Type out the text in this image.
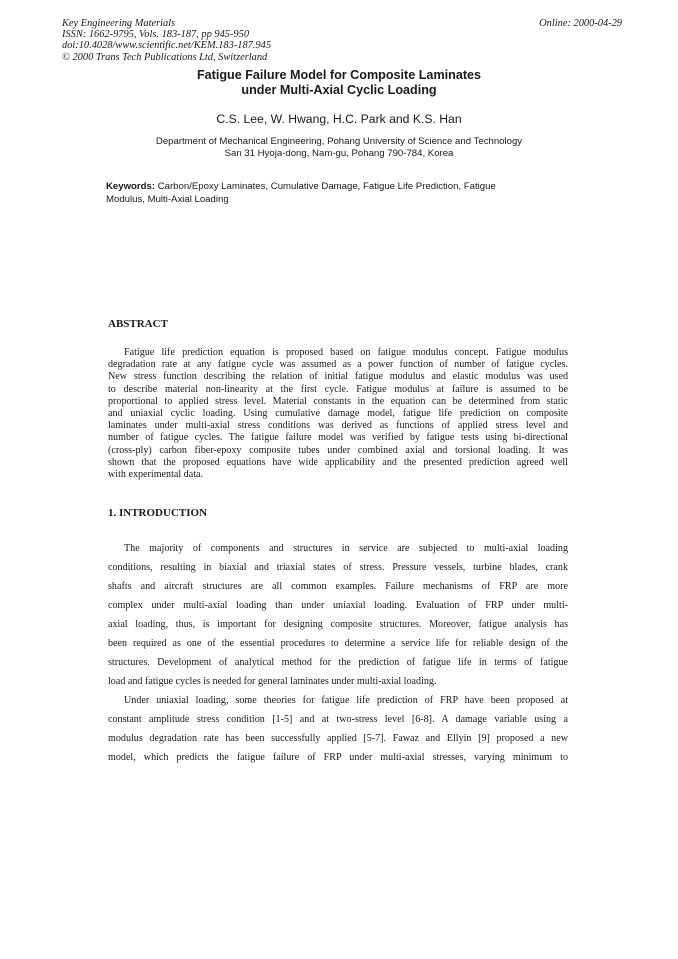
Key Engineering Materials
ISSN: 1662-9795, Vols. 183-187, pp 945-950
doi:10.4028/www.scientific.net/KEM.183-187.945
© 2000 Trans Tech Publications Ltd, Switzerland
Online: 2000-04-29
Fatigue Failure Model for Composite Laminates
under Multi-Axial Cyclic Loading
C.S. Lee, W. Hwang, H.C. Park and K.S. Han
Department of Mechanical Engineering, Pohang University of Science and Technology
San 31 Hyoja-dong, Nam-gu, Pohang 790-784, Korea
Keywords: Carbon/Epoxy Laminates, Cumulative Damage, Fatigue Life Prediction, Fatigue
Modulus, Multi-Axial Loading
ABSTRACT
Fatigue life prediction equation is proposed based on fatigue modulus concept. Fatigue modulus
degradation rate at any fatigue cycle was assumed as a power function of number of fatigue cycles.
New stress function describing the relation of initial fatigue modulus and elastic modulus was used
to describe material non-linearity at the first cycle. Fatigue modulus at failure is assumed to be
proportional to applied stress level. Material constants in the equation can be determined from static
and uniaxial cyclic loading. Using cumulative damage model, fatigue life prediction on composite
laminates under multi-axial stress conditions was derived as functions of applied stress level and
number of fatigue cycles. The fatigue failure model was verified by fatigue tests using bi-directional
(cross-ply) carbon fiber-epoxy composite tubes under combined axial and torsional loading. It was
shown that the proposed equations have wide applicability and the presented prediction agreed well
with experimental data.
1. INTRODUCTION
The majority of components and structures in service are subjected to multi-axial loading
conditions, resulting in biaxial and triaxial states of stress. Pressure vessels, turbine blades, crank
shafts and aircraft structures are all common examples. Failure mechanisms of FRP are more
complex under multi-axial loading than under uniaxial loading. Evaluation of FRP under multi-
axial loading, thus, is important for designing composite structures. Moreover, fatigue analysis has
been required as one of the essential procedures to determine a service life for reliable design of the
structures. Development of analytical method for the prediction of fatigue life in terms of fatigue
load and fatigue cycles is needed for general laminates under multi-axial loading.
Under uniaxial loading, some theories for fatigue life prediction of FRP have been proposed at
constant amplitude stress condition [1-5] and at two-stress level [6-8]. A damage variable using a
modulus degradation rate has been successfully applied [5-7]. Fawaz and Ellyin [9] proposed a new
model, which predicts the fatigue failure of FRP under multi-axial stresses, varying minimum to
